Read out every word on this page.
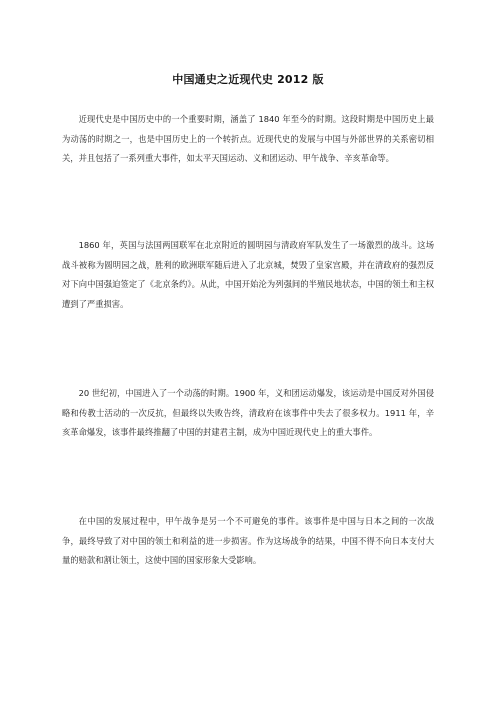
中国通史之近现代史 2012 版
近现代史是中国历史中的一个重要时期，涵盖了 1840 年至今的时期。这段时期是中国历史上最为动荡的时期之一，也是中国历史上的一个转折点。近现代史的发展与中国与外部世界的关系密切相关，并且包括了一系列重大事件，如太平天国运动、义和团运动、甲午战争、辛亥革命等。
1860 年，英国与法国两国联军在北京附近的圆明园与清政府军队发生了一场激烈的战斗。这场战斗被称为圆明园之战，胜利的欧洲联军随后进入了北京城，焚毁了皇家宫殿，并在清政府的强烈反对下向中国强迫签定了《北京条约》。从此，中国开始沦为列强间的半殖民地状态，中国的领土和主权遭到了严重损害。
20 世纪初，中国进入了一个动荡的时期。1900 年，义和团运动爆发，该运动是中国反对外国侵略和传教士活动的一次反抗，但最终以失败告终，清政府在该事件中失去了很多权力。1911 年，辛亥革命爆发，该事件最终推翻了中国的封建君主制，成为中国近现代史上的重大事件。
在中国的发展过程中，甲午战争是另一个不可避免的事件。该事件是中国与日本之间的一次战争，最终导致了对中国的领土和利益的进一步损害。作为这场战争的结果，中国不得不向日本支付大量的赔款和割让领土，这使中国的国家形象大受影响。
